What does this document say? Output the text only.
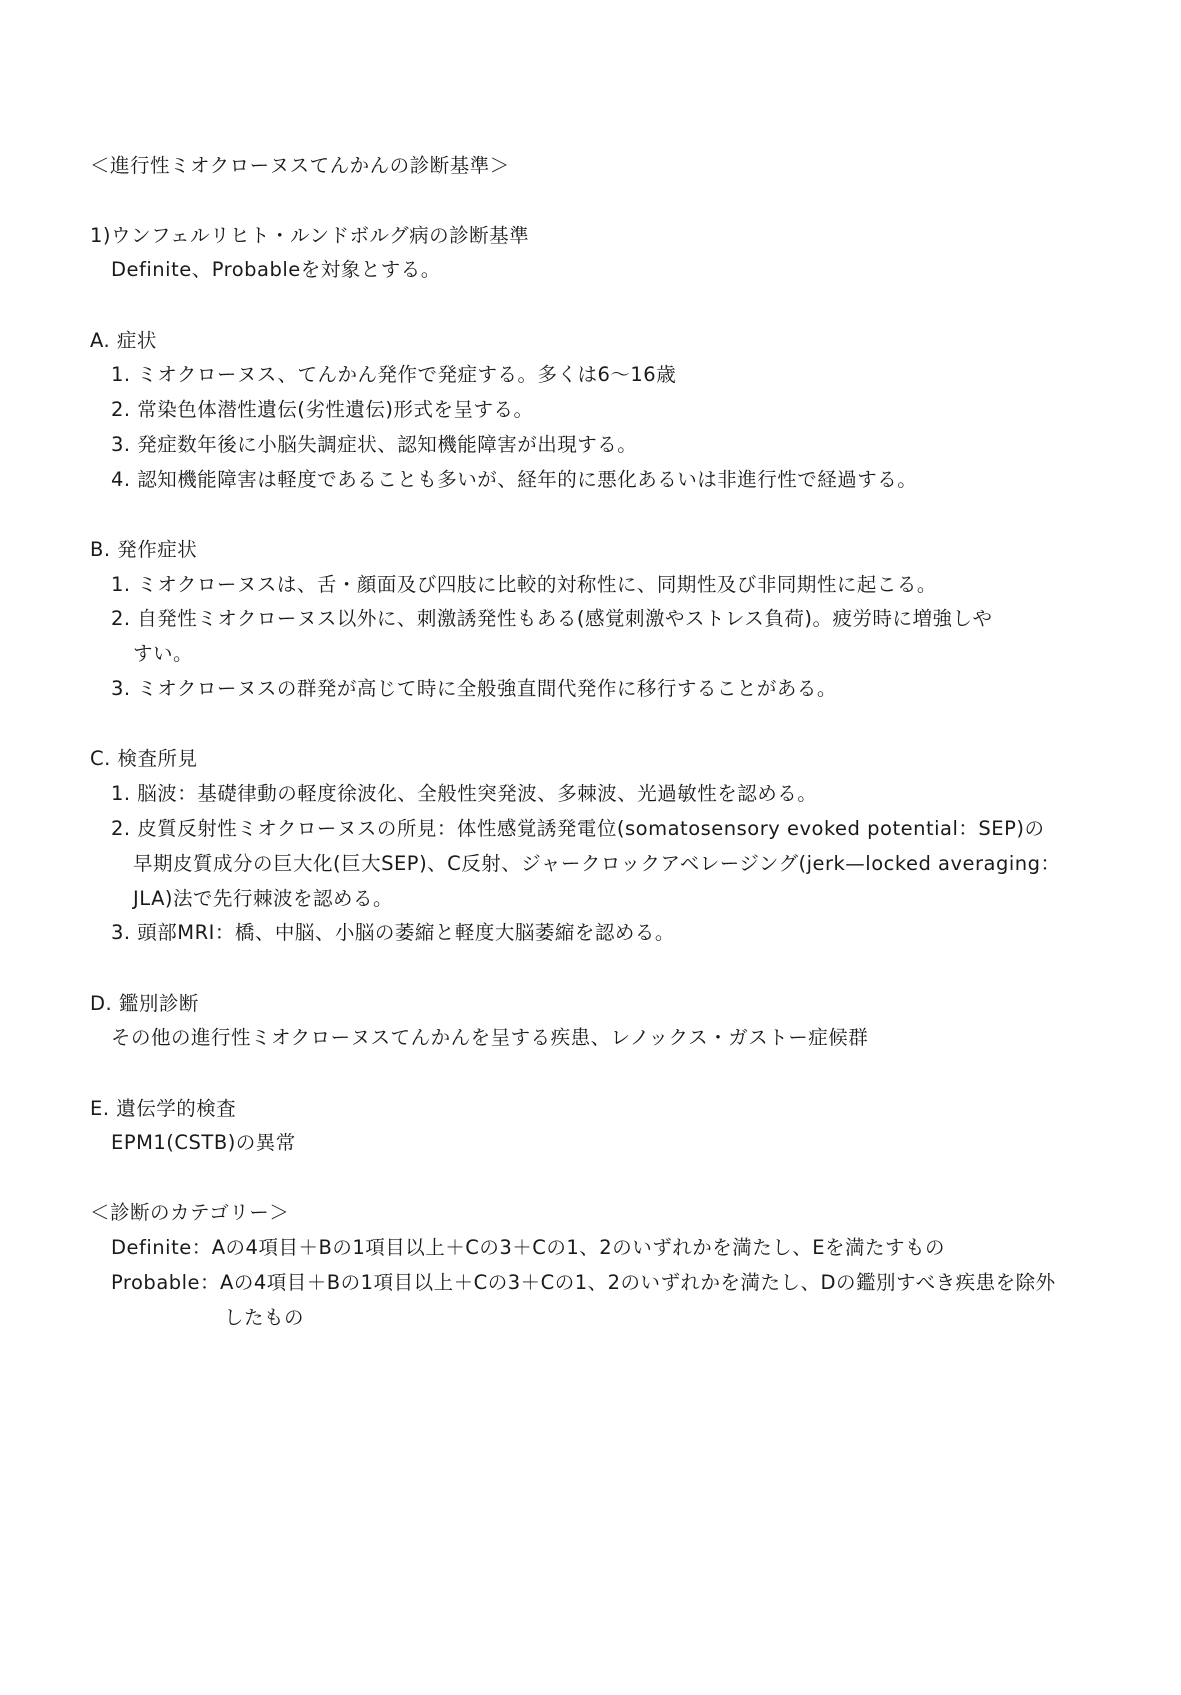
＜進行性ミオクローヌスてんかんの診断基準＞
1)ウンフェルリヒト・ルンドボルグ病の診断基準
Definite、Probableを対象とする。
A. 症状
1. ミオクローヌス、てんかん発作で発症する。多くは6〜16歳
2. 常染色体潜性遺伝(劣性遺伝)形式を呈する。
3. 発症数年後に小脳失調症状、認知機能障害が出現する。
4. 認知機能障害は軽度であることも多いが、経年的に悪化あるいは非進行性で経過する。
B. 発作症状
1. ミオクローヌスは、舌・顔面及び四肢に比較的対称性に、同期性及び非同期性に起こる。
2. 自発性ミオクローヌス以外に、刺激誘発性もある(感覚刺激やストレス負荷)。疲労時に増強しや
すい。
3. ミオクローヌスの群発が高じて時に全般強直間代発作に移行することがある。
C. 検査所見
1. 脳波：基礎律動の軽度徐波化、全般性突発波、多棘波、光過敏性を認める。
2. 皮質反射性ミオクローヌスの所見：体性感覚誘発電位(somatosensory evoked potential：SEP)の
早期皮質成分の巨大化(巨大SEP)、C反射、ジャークロックアベレージング(jerk—locked averaging：
JLA)法で先行棘波を認める。
3. 頭部MRI：橋、中脳、小脳の萎縮と軽度大脳萎縮を認める。
D. 鑑別診断
その他の進行性ミオクローヌスてんかんを呈する疾患、レノックス・ガストー症候群
E. 遺伝学的検査
EPM1(CSTB)の異常
＜診断のカテゴリー＞
Definite：Aの4項目＋Bの1項目以上＋Cの3＋Cの1、2のいずれかを満たし、Eを満たすもの
Probable：Aの4項目＋Bの1項目以上＋Cの3＋Cの1、2のいずれかを満たし、Dの鑑別すべき疾患を除外
したもの
